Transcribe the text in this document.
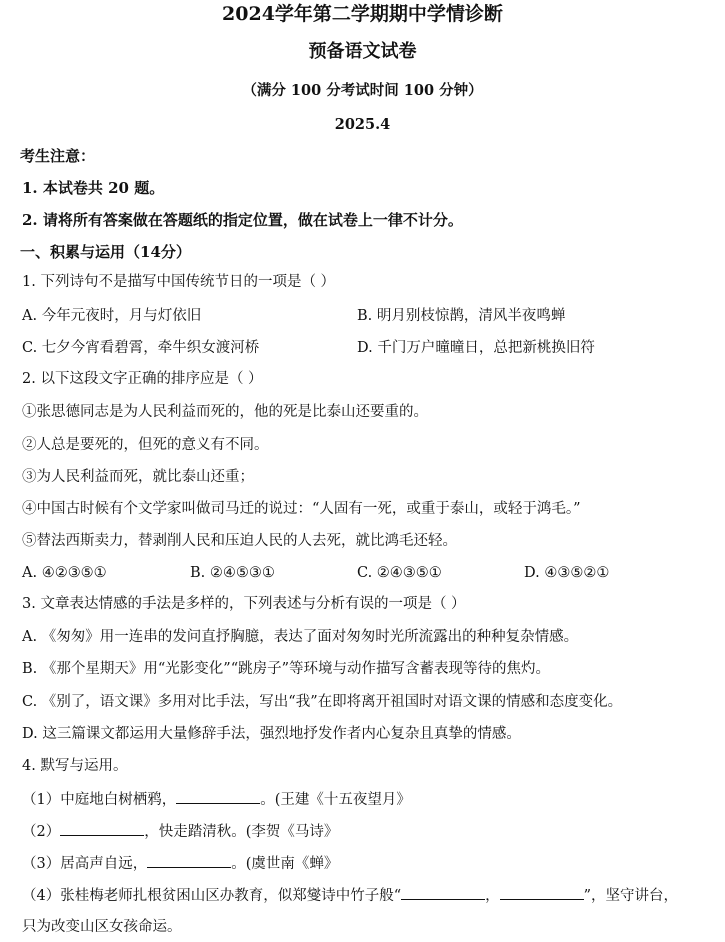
2024学年第二学期期中学情诊断
预备语文试卷
（满分 100 分考试时间 100 分钟）
2025.4
考生注意：
1. 本试卷共 20 题。
2. 请将所有答案做在答题纸的指定位置，做在试卷上一律不计分。
一、积累与运用（14分）
1. 下列诗句不是描写中国传统节日的一项是（ ）
A. 今年元夜时，月与灯依旧	B. 明月别枝惊鹊，清风半夜鸣蝉
C. 七夕今宵看碧霄，牵牛织女渡河桥	D. 千门万户曈曈日，总把新桃换旧符
2. 以下这段文字正确的排序应是（ ）
①张思德同志是为人民利益而死的，他的死是比泰山还要重的。
②人总是要死的，但死的意义有不同。
③为人民利益而死，就比泰山还重；
④中国古时候有个文学家叫做司马迁的说过：“人固有一死，或重于泰山，或轻于鸿毛。”
⑤替法西斯卖力，替剥削人民和压迫人民的人去死，就比鸿毛还轻。
A. ④②③⑤①	B. ②④⑤③①	C. ②④③⑤①	D. ④③⑤②①
3. 文章表达情感的手法是多样的，下列表述与分析有误的一项是（ ）
A. 《匆匆》用一连串的发问直抒胸臆，表达了面对匆匆时光所流露出的种种复杂情感。
B. 《那个星期天》用“光影变化”“跳房子”等环境与动作描写含蓄表现等待的焦灼。
C. 《别了，语文课》多用对比手法，写出“我”在即将离开祖国时对语文课的情感和态度变化。
D. 这三篇课文都运用大量修辞手法，强烈地抒发作者内心复杂且真挚的情感。
4. 默写与运用。
（1）中庭地白树栖鸦，	。(王建《十五夜望月》
（2）	，快走踏清秋。(李贺《马诗》
（3）居高声自远，	。(虞世南《蝉》
（4）张桂梅老师扎根贫困山区办教育，似郑燮诗中竹子般“	，	”，坚守讲台，
只为改变山区女孩命运。
